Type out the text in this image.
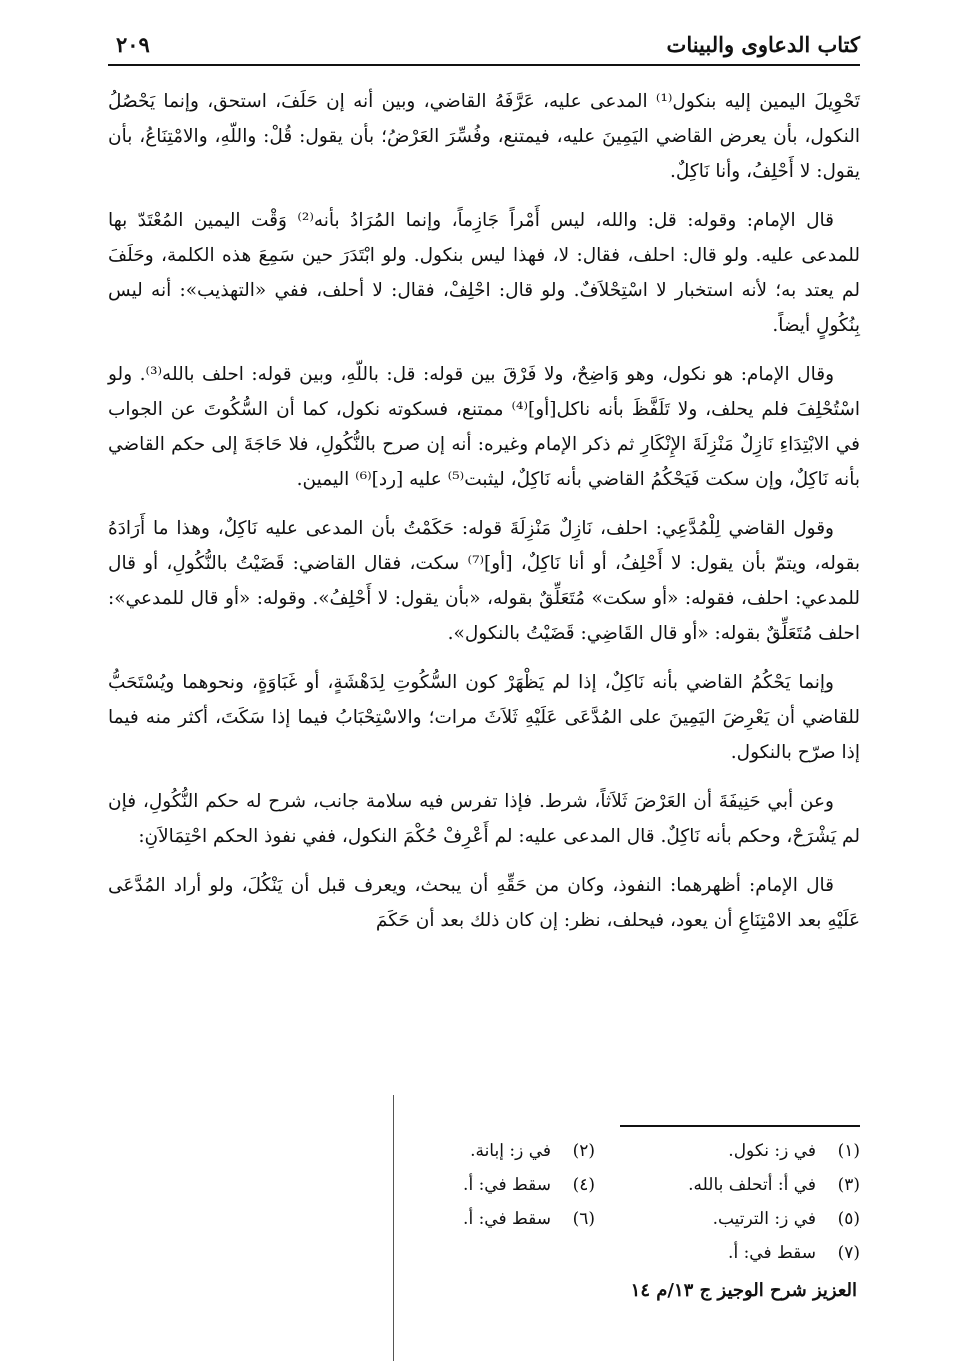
كتاب الدعاوى والبينات
٢٠٩

تَحْوِيلَ اليمين إليه بنكول⁽¹⁾ المدعى عليه، عَرَّفَهُ القاضي، وبين أنه إن حَلَفَ، استحق، وإنما يَحْصُلُ النكول، بأن يعرض القاضي اليَمِينَ عليه، فيمتنع، وفُسِّرَ العَرْضُ؛ بأن يقول: قُلْ: واللّهِ، والامْتِنَاعُ، بأن يقول: لا أَحْلِفُ، وأنا نَاكِلٌ.

قال الإمام: وقوله: قل: والله، ليس أَمْراً جَازِماً، وإنما المُرَادُ بأنه⁽²⁾ وَقْت اليمين المُعْتَدّ بها للمدعى عليه. ولو قال: احلف، فقال: لا، فهذا ليس بنكول. ولو ابْتَدَرَ حين سَمِعَ هذه الكلمة، وحَلَفَ لم يعتد به؛ لأنه استخبار لا اسْتِحْلاَفٌ. ولو قال: احْلِفْ، فقال: لا أحلف، ففي «التهذيب»: أنه ليس بِنُكُولٍ أيضاً.

وقال الإمام: هو نكول، وهو وَاضِحٌ، ولا فَرْقَ بين قوله: قل: باللّهِ، وبين قوله: احلف بالله⁽³⁾. ولو اسْتُحْلِفَ فلم يحلف، ولا تَلَفَّظَ بأنه ناكل[أو]⁽⁴⁾ ممتنع، فسكوته نكول، كما أن السُّكُوتَ عن الجواب في الابْتِدَاءِ نَازِلٌ مَنْزِلَةَ الإِنْكَارِ ثم ذكر الإمام وغيره: أنه إن صرح بالنُّكُولِ، فلا حَاجَةَ إلى حكم القاضي بأنه نَاكِلٌ، وإن سكت فَيَحْكُمُ القاضي بأنه نَاكِلٌ، ليثبت⁽⁵⁾ عليه [رد]⁽⁶⁾ اليمين.

وقول القاضي لِلْمُدَّعِي: احلف، نَازِلٌ مَنْزِلَةَ قوله: حَكَمْتُ بأن المدعى عليه نَاكِلٌ، وهذا ما أَرَادَهُ بقوله، ويتمّ بأن يقول: لا أَحْلِفُ، أو أنا نَاكِلٌ، [أو]⁽⁷⁾ سكت، فقال القاضي: قَضَيْتُ بالنُّكُولِ، أو قال للمدعي: احلف، فقوله: «أو سكت» مُتَعَلِّقٌ بقوله، «بأن يقول: لا أَحْلِفُ». وقوله: «أو قال للمدعي»: احلف مُتَعَلِّقٌ بقوله: «أو قال القَاضِي: قَضَيْتُ بالنكول».

وإنما يَحْكُمُ القاضي بأنه نَاكِلٌ، إذا لم يَظْهَرْ كون السُّكُوتِ لِدَهْشَةٍ، أو غَبَاوَةٍ، ونحوهما ويُسْتَحَبُّ للقاضي أن يَعْرِضَ اليَمِينَ على المُدَّعَى عَلَيْهِ ثَلاَثَ مرات؛ والاسْتِحْبَابُ فيما إذا سَكَتَ، أكثر منه فيما إذا صرّح بالنكول.

وعن أبي حَنِيفَةَ أن العَرْضَ ثَلاَثاً، شرط. فإذا تفرس فيه سلامة جانب، شرح له حكم النُّكُولِ، فإن لم يَشْرَحْ، وحكم بأنه نَاكِلٌ. قال المدعى عليه: لم أَعْرِفْ حُكْمَ النكول، ففي نفوذ الحكم احْتِمَالاَنِ:

قال الإمام: أظهرهما: النفوذ، وكان من حَقِّهِ أن يبحث، ويعرف قبل أن يَنْكُلَ، ولو أراد المُدَّعَى عَلَيْهِ بعد الامْتِنَاعِ أن يعود، فيحلف، نظر: إن كان ذلك بعد أن حَكَمَ

(١)في ز: نكول.
(٢)في ز: إبانة.
(٣)في أ: أتحلف بالله.
(٤)سقط في: أ.
(٥)في ز: الترتيب.
(٦)سقط في: أ.
(٧)سقط في: أ.
العزيز شرح الوجيز ج ١٣/م ١٤
